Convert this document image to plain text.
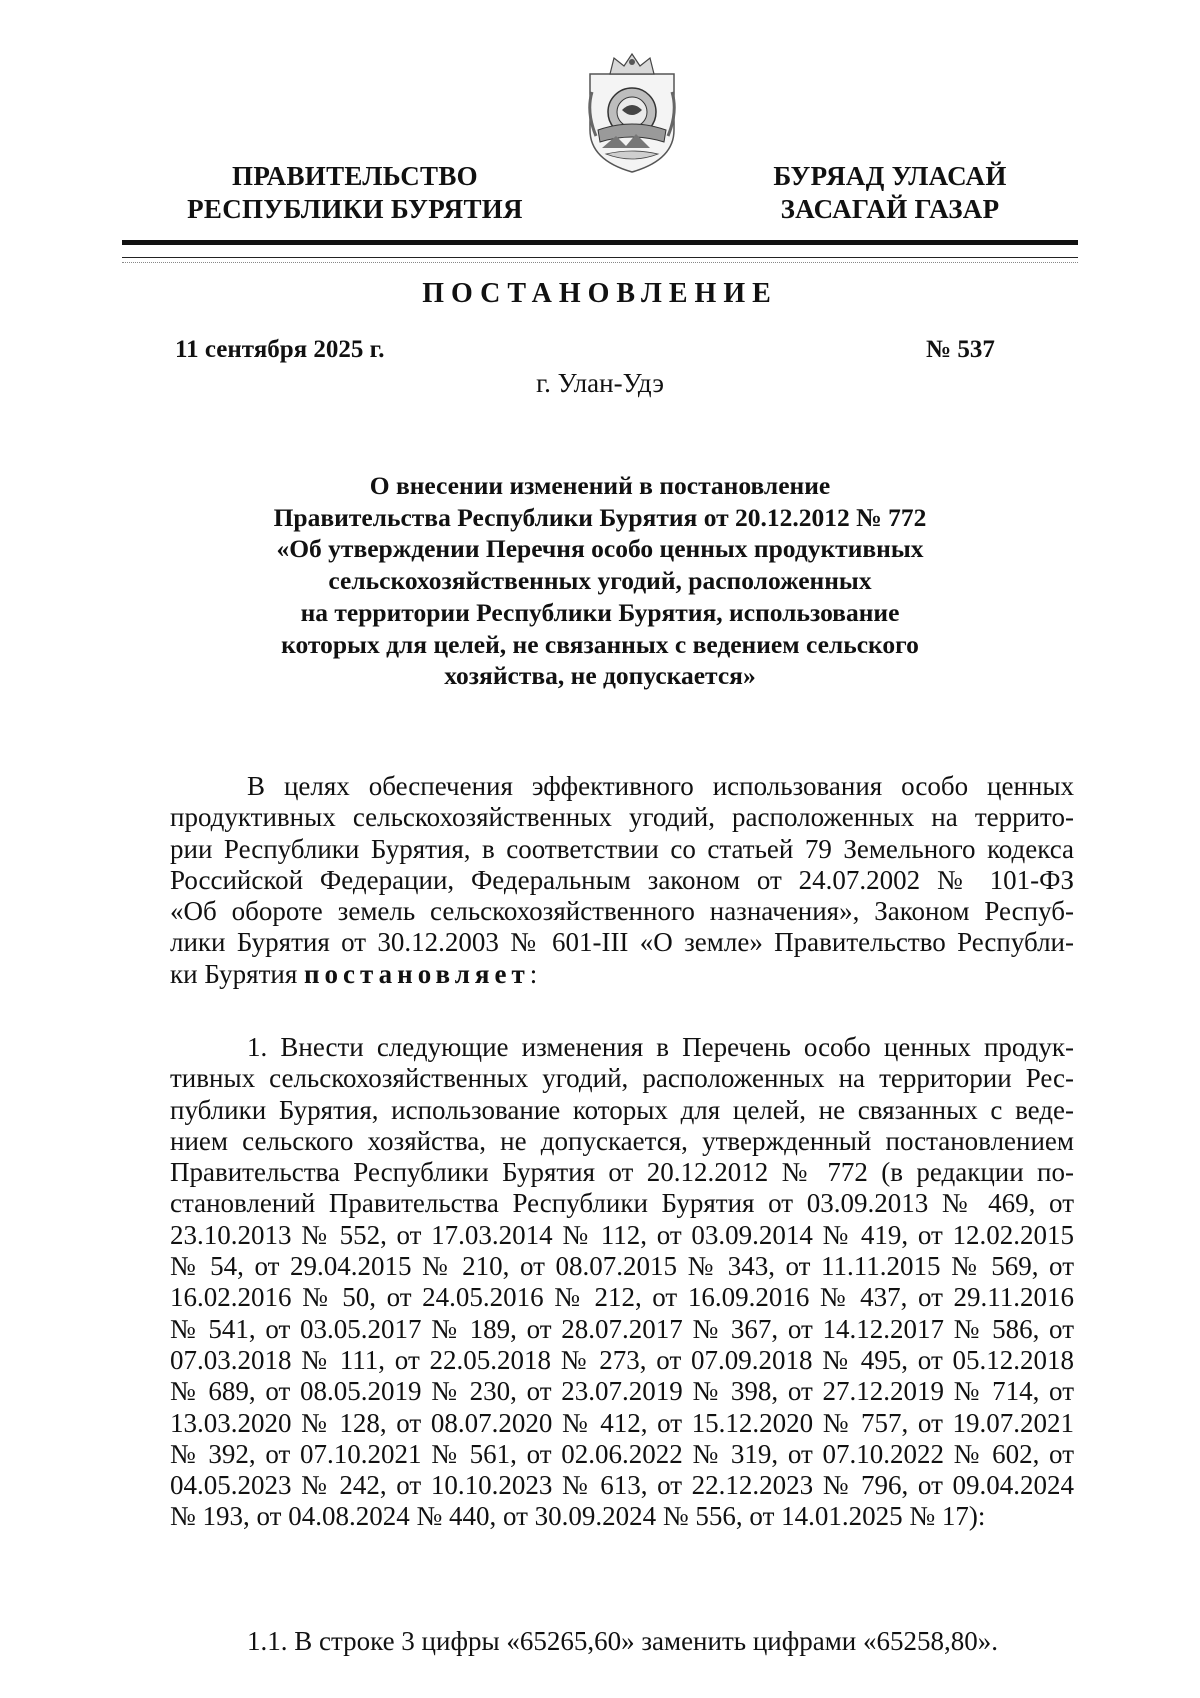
ПРАВИТЕЛЬСТВО
РЕСПУБЛИКИ БУРЯТИЯ
БУРЯАД УЛАСАЙ
ЗАСАГАЙ ГАЗАР
ПОСТАНОВЛЕНИЕ
11 сентября 2025 г.	№ 537
г. Улан-Удэ
О внесении изменений в постановление
Правительства Республики Бурятия от 20.12.2012 № 772
«Об утверждении Перечня особо ценных продуктивных
сельскохозяйственных угодий, расположенных
на территории Республики Бурятия, использование
которых для целей, не связанных с ведением сельского
хозяйства, не допускается»
В целях обеспечения эффективного использования особо ценных
продуктивных сельскохозяйственных угодий, расположенных на террито-
рии Республики Бурятия, в соответствии со статьей 79 Земельного кодекса
Российской Федерации, Федеральным законом от 24.07.2002 № 101-ФЗ
«Об обороте земель сельскохозяйственного назначения», Законом Респуб-
лики Бурятия от 30.12.2003 № 601-III «О земле» Правительство Республи-
ки Бурятия постановляет:
1. Внести следующие изменения в Перечень особо ценных продук-
тивных сельскохозяйственных угодий, расположенных на территории Рес-
публики Бурятия, использование которых для целей, не связанных с веде-
нием сельского хозяйства, не допускается, утвержденный постановлением
Правительства Республики Бурятия от 20.12.2012 № 772 (в редакции по-
становлений Правительства Республики Бурятия от 03.09.2013 № 469, от
23.10.2013 № 552, от 17.03.2014 № 112, от 03.09.2014 № 419, от 12.02.2015
№ 54, от 29.04.2015 № 210, от 08.07.2015 № 343, от 11.11.2015 № 569, от
16.02.2016 № 50, от 24.05.2016 № 212, от 16.09.2016 № 437, от 29.11.2016
№ 541, от 03.05.2017 № 189, от 28.07.2017 № 367, от 14.12.2017 № 586, от
07.03.2018 № 111, от 22.05.2018 № 273, от 07.09.2018 № 495, от 05.12.2018
№ 689, от 08.05.2019 № 230, от 23.07.2019 № 398, от 27.12.2019 № 714, от
13.03.2020 № 128, от 08.07.2020 № 412, от 15.12.2020 № 757, от 19.07.2021
№ 392, от 07.10.2021 № 561, от 02.06.2022 № 319, от 07.10.2022 № 602, от
04.05.2023 № 242, от 10.10.2023 № 613, от 22.12.2023 № 796, от 09.04.2024
№ 193, от 04.08.2024 № 440, от 30.09.2024 № 556, от 14.01.2025 № 17):
1.1. В строке 3 цифры «65265,60» заменить цифрами «65258,80».
